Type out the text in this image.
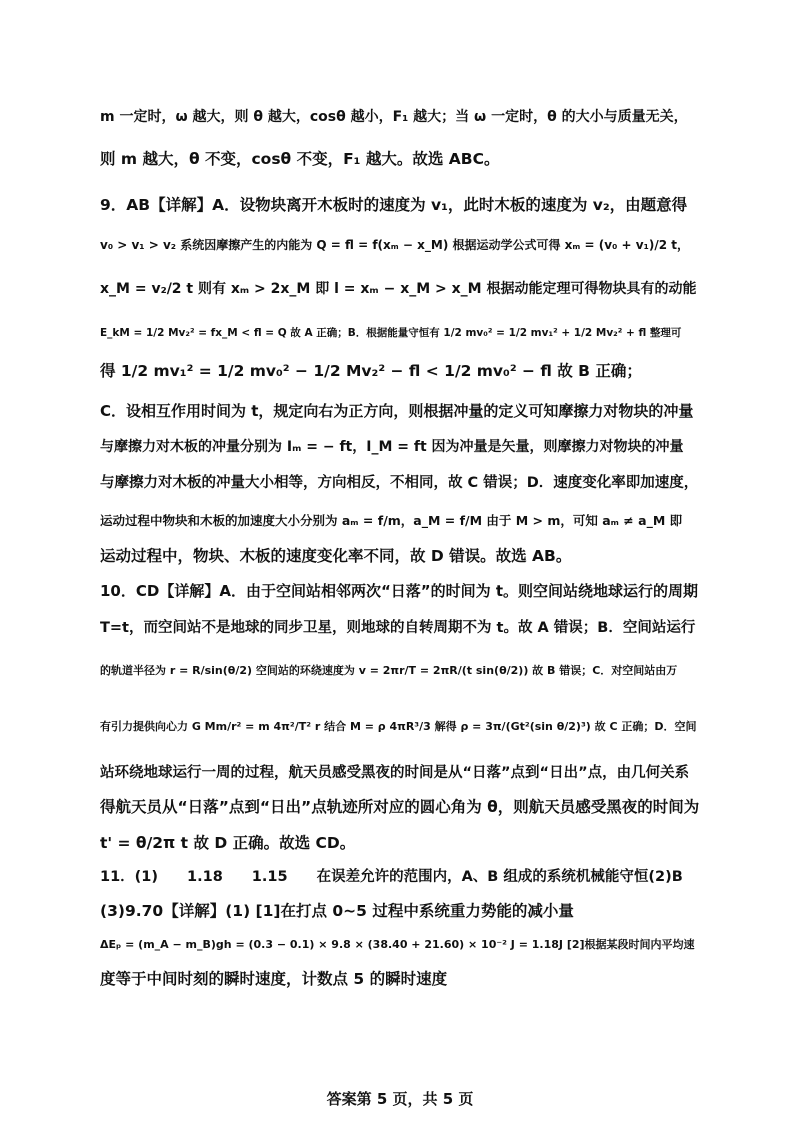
m 一定时，ω 越大，则 θ 越大，cosθ 越小，F₁ 越大；当 ω 一定时，θ 的大小与质量无关，
则 m 越大，θ 不变，cosθ 不变，F₁ 越大。故选 ABC。
9．AB【详解】A．设物块离开木板时的速度为 v₁，此时木板的速度为 v₂，由题意得
v₀ > v₁ > v₂ 系统因摩擦产生的内能为 Q = fl = f(xₘ − x_M) 根据运动学公式可得 xₘ = (v₀ + v₁)/2 t，
x_M = v₂/2 t 则有 xₘ > 2x_M 即 l = xₘ − x_M > x_M 根据动能定理可得物块具有的动能
E_kM = 1/2 Mv₂² = fx_M < fl = Q 故 A 正确；B．根据能量守恒有 1/2 mv₀² = 1/2 mv₁² + 1/2 Mv₂² + fl 整理可
得 1/2 mv₁² = 1/2 mv₀² − 1/2 Mv₂² − fl < 1/2 mv₀² − fl 故 B 正确；
C．设相互作用时间为 t，规定向右为正方向，则根据冲量的定义可知摩擦力对物块的冲量
与摩擦力对木板的冲量分别为 Iₘ = − ft，I_M = ft 因为冲量是矢量，则摩擦力对物块的冲量
与摩擦力对木板的冲量大小相等，方向相反，不相同，故 C 错误；D．速度变化率即加速度，
运动过程中物块和木板的加速度大小分别为 aₘ = f/m，a_M = f/M 由于 M > m，可知 aₘ ≠ a_M 即
运动过程中，物块、木板的速度变化率不同，故 D 错误。故选 AB。
10．CD【详解】A．由于空间站相邻两次“日落”的时间为 t。则空间站绕地球运行的周期
T=t，而空间站不是地球的同步卫星，则地球的自转周期不为 t。故 A 错误；B．空间站运行
的轨道半径为 r = R/sin(θ/2) 空间站的环绕速度为 v = 2πr/T = 2πR/(t sin(θ/2)) 故 B 错误；C．对空间站由万
有引力提供向心力 G Mm/r² = m 4π²/T² r 结合 M = ρ 4πR³/3 解得 ρ = 3π/(Gt²(sin θ/2)³) 故 C 正确；D．空间
站环绕地球运行一周的过程，航天员感受黑夜的时间是从“日落”点到“日出”点，由几何关系
得航天员从“日落”点到“日出”点轨迹所对应的圆心角为 θ，则航天员感受黑夜的时间为
t' = θ/2π t 故 D 正确。故选 CD。
11．(1)　　1.18　　1.15　　在误差允许的范围内，A、B 组成的系统机械能守恒(2)B
(3)9.70【详解】(1) [1]在打点 0~5 过程中系统重力势能的减小量
ΔEₚ = (m_A − m_B)gh = (0.3 − 0.1) × 9.8 × (38.40 + 21.60) × 10⁻² J = 1.18J [2]根据某段时间内平均速
度等于中间时刻的瞬时速度，计数点 5 的瞬时速度
答案第 5 页，共 5 页
